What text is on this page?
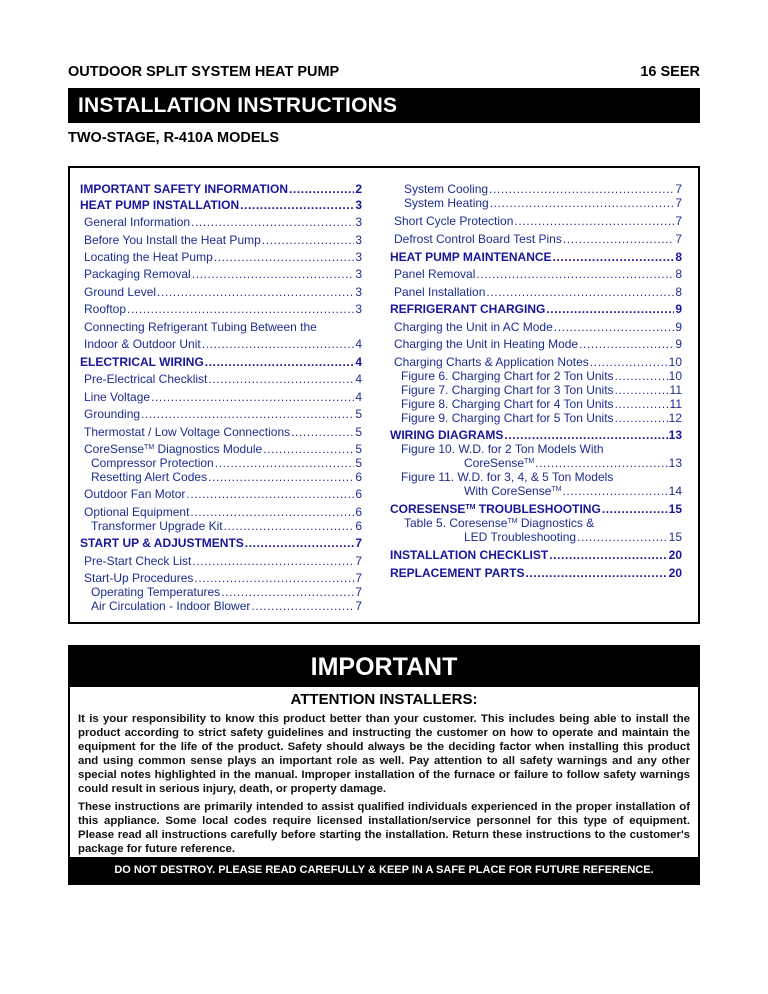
OUTDOOR SPLIT SYSTEM HEAT PUMP	16 SEER
INSTALLATION INSTRUCTIONS
TWO-STAGE, R-410A MODELS
IMPORTANT SAFETY INFORMATION .....	2
HEAT PUMP INSTALLATION .....	3
General Information .....	3
Before You Install the Heat Pump .....	3
Locating the Heat Pump .....	3
Packaging Removal .....	3
Ground Level .....	3
Rooftop .....	3
Connecting Refrigerant Tubing Between the
Indoor & Outdoor Unit .....	4
ELECTRICAL WIRING .....	4
Pre-Electrical Checklist .....	4
Line Voltage .....	4
Grounding .....	5
Thermostat / Low Voltage Connections .....	5
CoreSense™ Diagnostics Module .....	5
Compressor Protection .....	5
Resetting Alert Codes .....	6
Outdoor Fan Motor .....	6
Optional Equipment .....	6
Transformer Upgrade Kit .....	6
START UP & ADJUSTMENTS .....	7
Pre-Start Check List .....	7
Start-Up Procedures .....	7
Operating Temperatures .....	7
Air Circulation - Indoor Blower .....	7
System Cooling .....	7
System Heating .....	7
Short Cycle Protection .....	7
Defrost Control Board Test Pins .....	7
HEAT PUMP MAINTENANCE .....	8
Panel Removal .....	8
Panel Installation .....	8
REFRIGERANT CHARGING .....	9
Charging the Unit in AC Mode .....	9
Charging the Unit in Heating Mode .....	9
Charging Charts & Application Notes .....	10
Figure 6. Charging Chart for 2 Ton Units .....	10
Figure 7. Charging Chart for 3 Ton Units .....	11
Figure 8. Charging Chart for 4 Ton Units .....	11
Figure 9. Charging Chart for 5 Ton Units .....	12
WIRING DIAGRAMS .....	13
Figure 10. W.D. for 2 Ton Models With
CoreSense™ .....	13
Figure 11. W.D. for 3, 4, & 5 Ton Models
With CoreSense™ .....	14
CORESENSE™ TROUBLESHOOTING .....	15
Table 5. Coresense™ Diagnostics &
LED Troubleshooting .....	15
INSTALLATION CHECKLIST .....	20
REPLACEMENT PARTS .....	20
IMPORTANT
ATTENTION INSTALLERS:
It is your responsibility to know this product better than your customer. This includes being able to install the product according to strict safety guidelines and instructing the customer on how to operate and maintain the equipment for the life of the product. Safety should always be the deciding factor when installing this product and using common sense plays an important role as well. Pay attention to all safety warnings and any other special notes highlighted in the manual. Improper installation of the furnace or failure to follow safety warnings could result in serious injury, death, or property damage.
These instructions are primarily intended to assist qualified individuals experienced in the proper installation of this appliance. Some local codes require licensed installation/service personnel for this type of equipment. Please read all instructions carefully before starting the installation. Return these instructions to the customer's package for future reference.
DO NOT DESTROY. PLEASE READ CAREFULLY & KEEP IN A SAFE PLACE FOR FUTURE REFERENCE.
